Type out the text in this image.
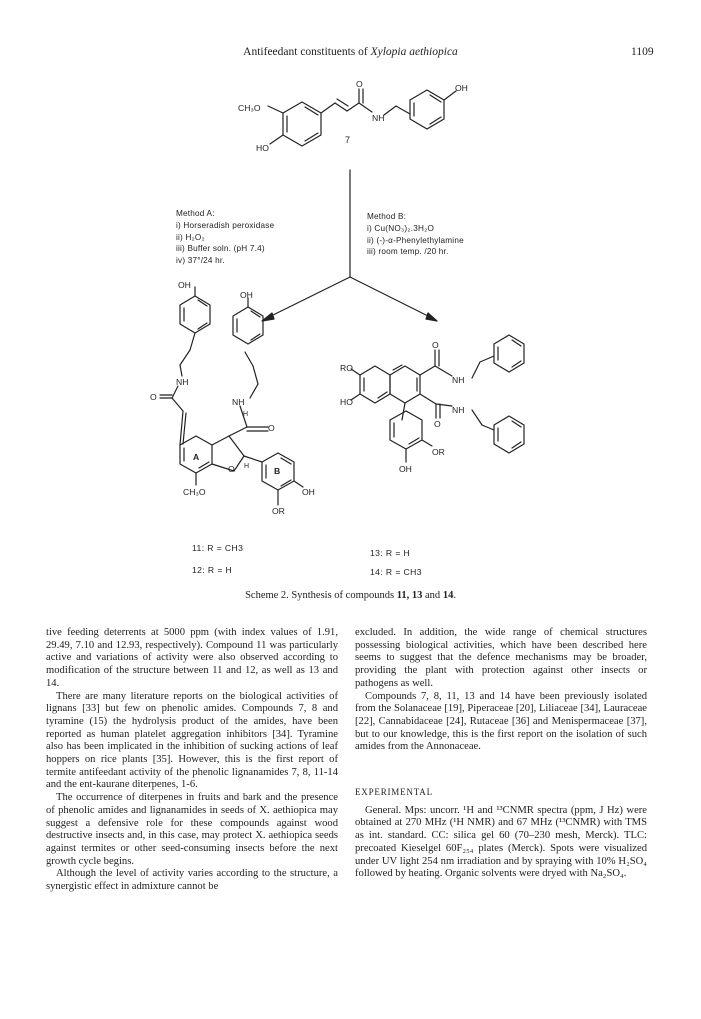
Antifeedant constituents of Xylopia aethiopica	1109
CH₃O
HO
O
NH
OH
7
OH
OH
NH
O	NH
O
H
H
O
A
B
CH₃O	OH
OR
RO
HO
O
NH
NH
O
OR
OH
Method A:
i) Horseradish peroxidase
ii) H₂O₂
iii) Buffer soln. (pH 7.4)
iv) 37°/24 hr.
Method B:
i) Cu(NO₃)₂.3H₂O
ii) (-)-α-Phenylethylamine
iii) room temp. /20 hr.
11: R = CH3
12: R = H
13: R = H
14: R = CH3
Scheme 2. Synthesis of compounds 11, 13 and 14.

tive feeding deterrents at 5000 ppm (with index values of 1.91, 29.49, 7.10 and 12.93, respectively). Compound 11 was particularly active and variations of activity were also observed according to modification of the structure between 11 and 12, as well as 13 and 14.

There are many literature reports on the biological activities of lignans [33] but few on phenolic amides. Compounds 7, 8 and tyramine (15) the hydrolysis product of the amides, have been reported as human platelet aggregation inhibitors [34]. Tyramine also has been implicated in the inhibition of sucking actions of leaf hoppers on rice plants [35]. However, this is the first report of termite antifeedant activity of the phenolic lignanamides 7, 8, 11-14 and the ent-kaurane diterpenes, 1-6.

The occurrence of diterpenes in fruits and bark and the presence of phenolic amides and lignanamides in seeds of X. aethiopica may suggest a defensive role for these compounds against wood destructive insects and, in this case, may protect X. aethiopica seeds against termites or other seed-consuming insects before the next growth cycle begins.

Although the level of activity varies according to the structure, a synergistic effect in admixture cannot be

excluded. In addition, the wide range of chemical structures possessing biological activities, which have been described here seems to suggest that the defence mechanisms may be broader, providing the plant with protection against other insects or pathogens as well.

Compounds 7, 8, 11, 13 and 14 have been previously isolated from the Solanaceae [19], Piperaceae [20], Liliaceae [34], Lauraceae [22], Cannabidaceae [24], Rutaceae [36] and Menispermaceae [37], but to our knowledge, this is the first report on the isolation of such amides from the Annonaceae.

EXPERIMENTAL

General. Mps: uncorr. ¹H and ¹³CNMR spectra (ppm, J Hz) were obtained at 270 MHz (¹H NMR) and 67 MHz (¹³CNMR) with TMS as int. standard. CC: silica gel 60 (70–230 mesh, Merck). TLC: precoated Kieselgel 60F₂₅₄ plates (Merck). Spots were visualized under UV light 254 nm irradiation and by spraying with 10% H₂SO₄ followed by heating. Organic solvents were dryed with Na₂SO₄.
